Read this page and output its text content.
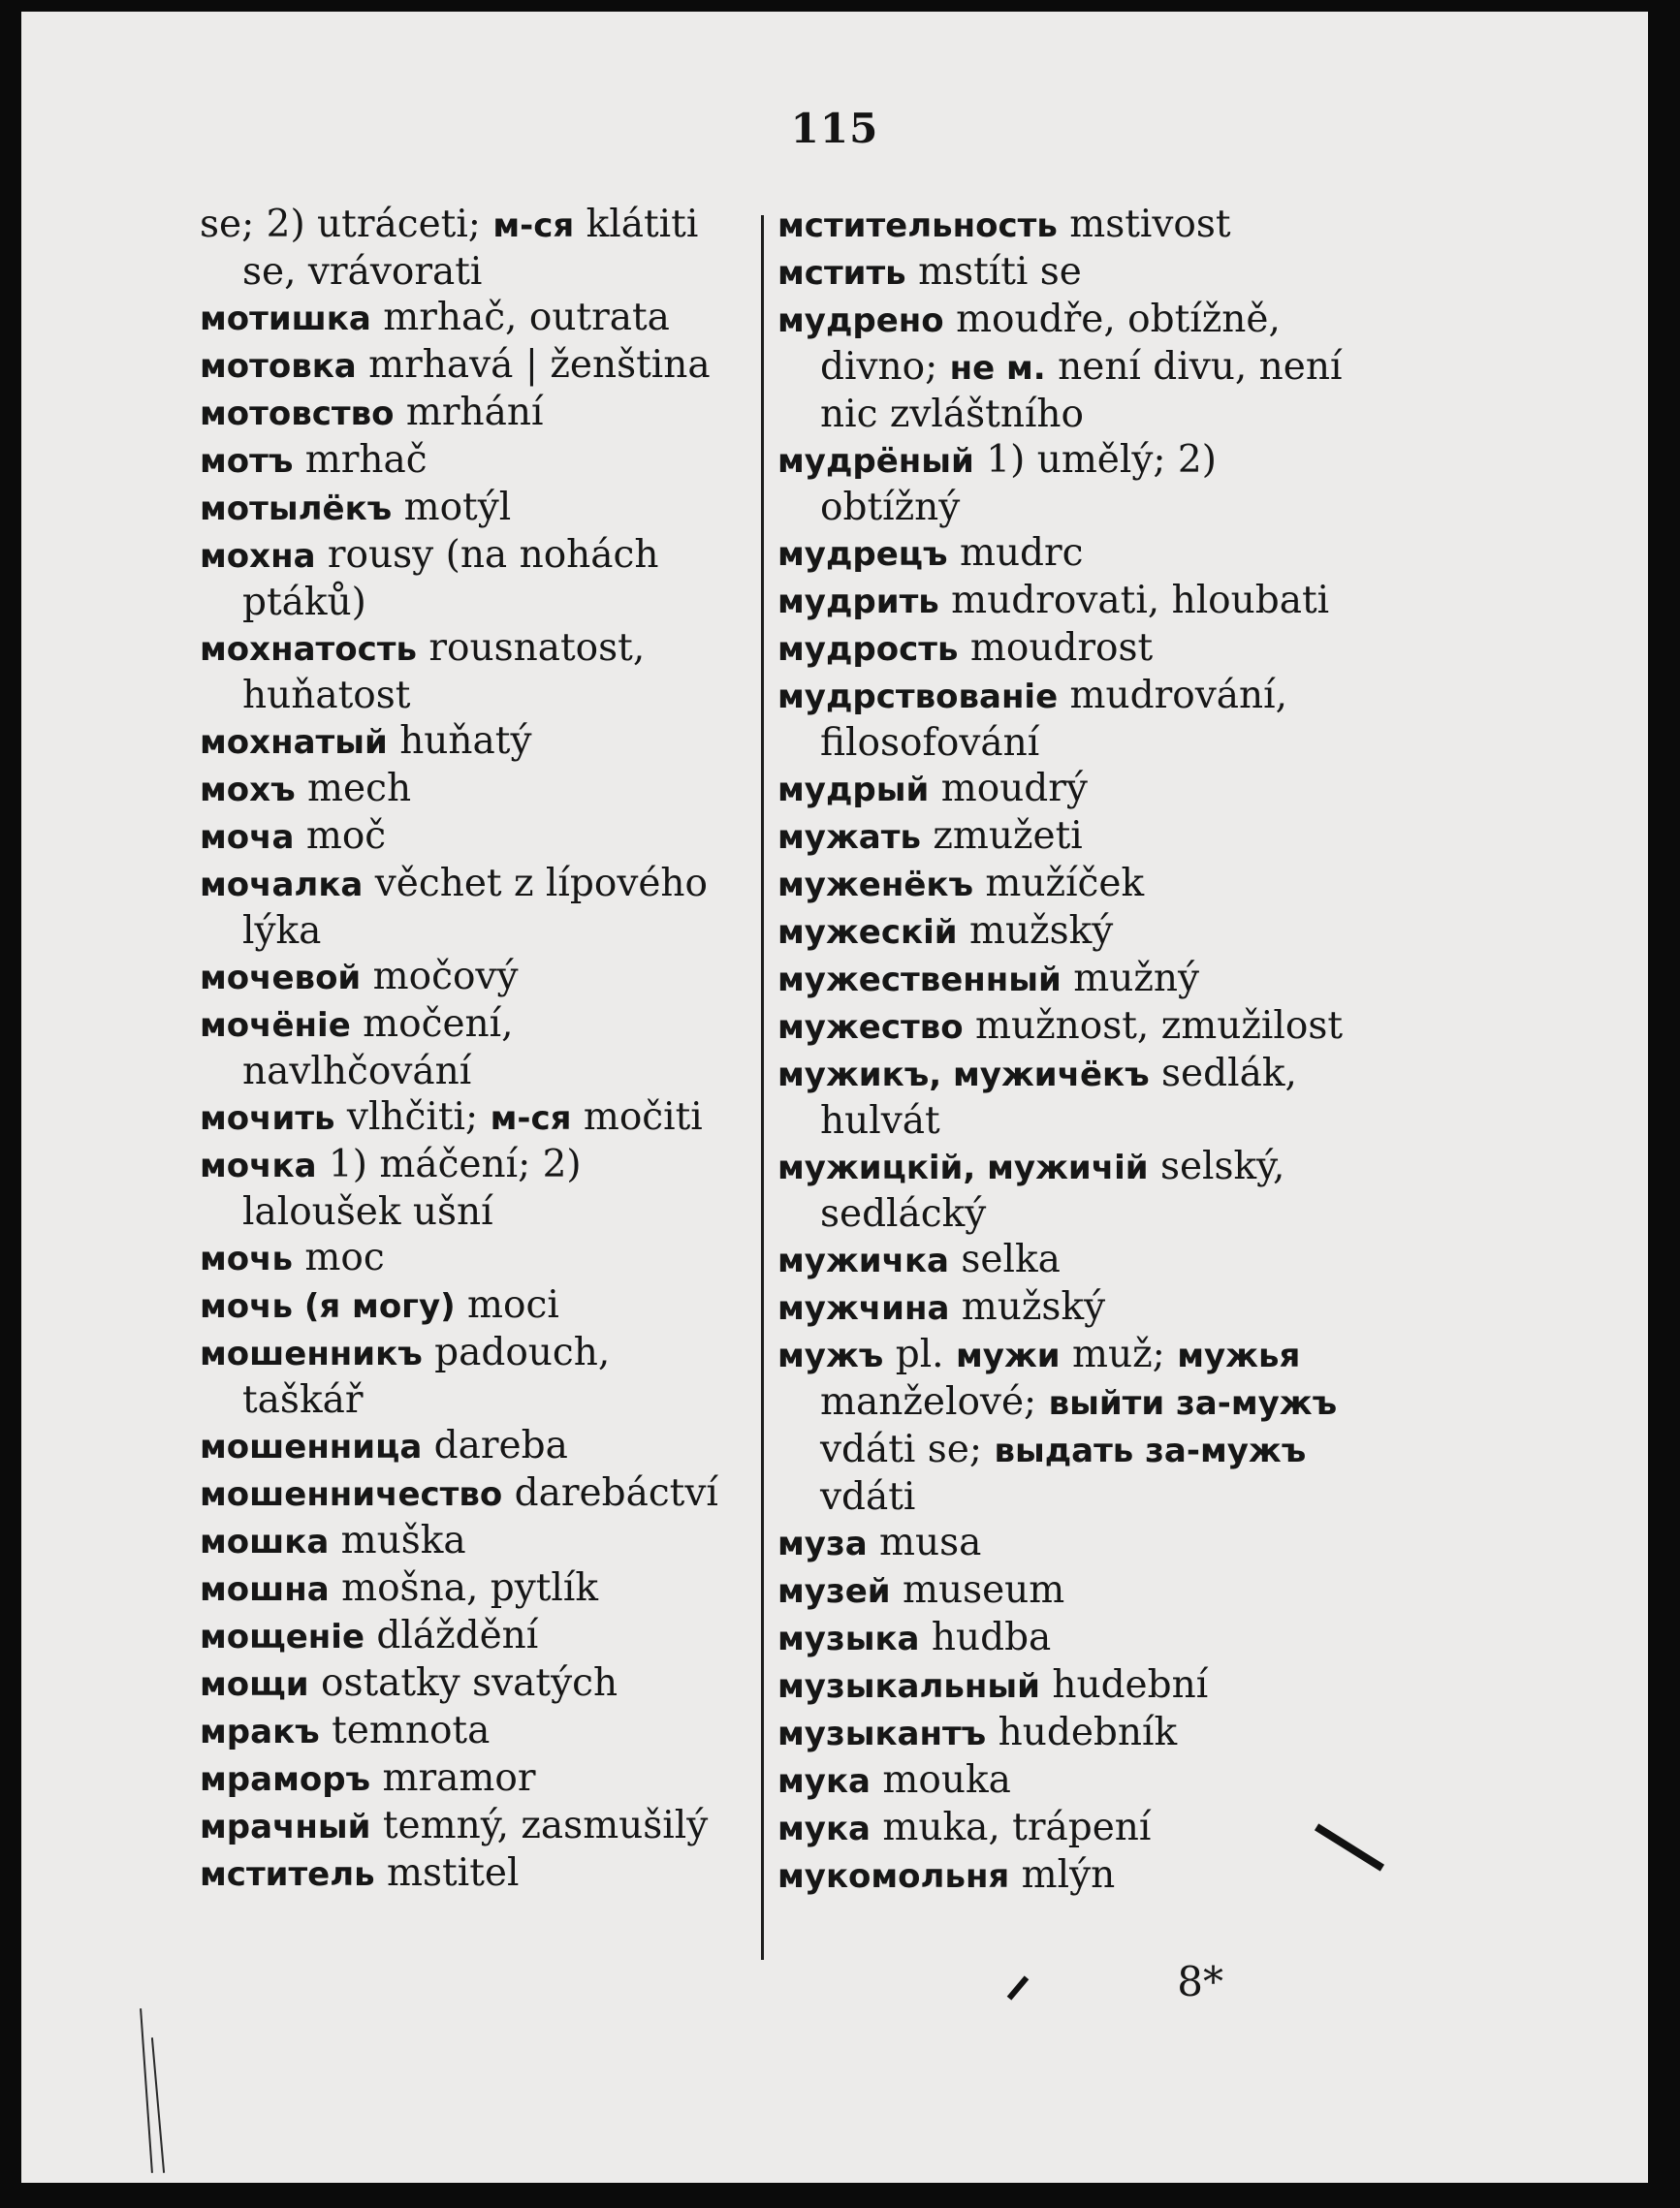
115

se; 2) utráceti; м-ся klátiti se, vrávorati

мотишка mrhač, outrata

мотовка mrhavá | ženština

мотовство mrhání

мотъ mrhač

мотылёкъ motýl

мохна rousy (na nohách ptáků)

мохнатость rousnatost, huňatost

мохнатый huňatý

мохъ mech

моча moč

мочалка věchet z lípového lýka

мочевой močový

мочёніе močení, navlhčování

мочить vlhčiti; м-ся močiti

мочка 1) máčení; 2) laloušek ušní

мочь moc

мочь (я могу) moci

мошенникъ padouch, taškář

мошенница dareba

мошенничество darebáctví

мошка muška

мошна mošna, pytlík

мощеніе dláždění

мощи ostatky svatých

мракъ temnota

мраморъ mramor

мрачный temný, zasmušilý

мститель mstitel

мстительность mstivost

мстить mstíti se

мудрено moudře, obtížně, divno; не м. není divu, není nic zvláštního

мудрёный 1) umělý; 2) obtížný

мудрецъ mudrc

мудрить mudrovati, hloubati

мудрость moudrost

мудрствованіе mudrování, filosofování

мудрый moudrý

мужать zmužeti

муженёкъ mužíček

мужескій mužský

мужественный mužný

мужество mužnost, zmužilost

мужикъ, мужичёкъ sedlák, hulvát

мужицкій, мужичій selský, sedlácký

мужичка selka

мужчина mužský

мужъ pl. мужи muž; мужья manželové; выйти за-мужъ vdáti se; выдать за-мужъ vdáti

муза musa

музей museum

музыка hudba

музыкальный hudební

музыкантъ hudebník

мука mouka

мука muka, trápení

мукомольня mlýn

8*
